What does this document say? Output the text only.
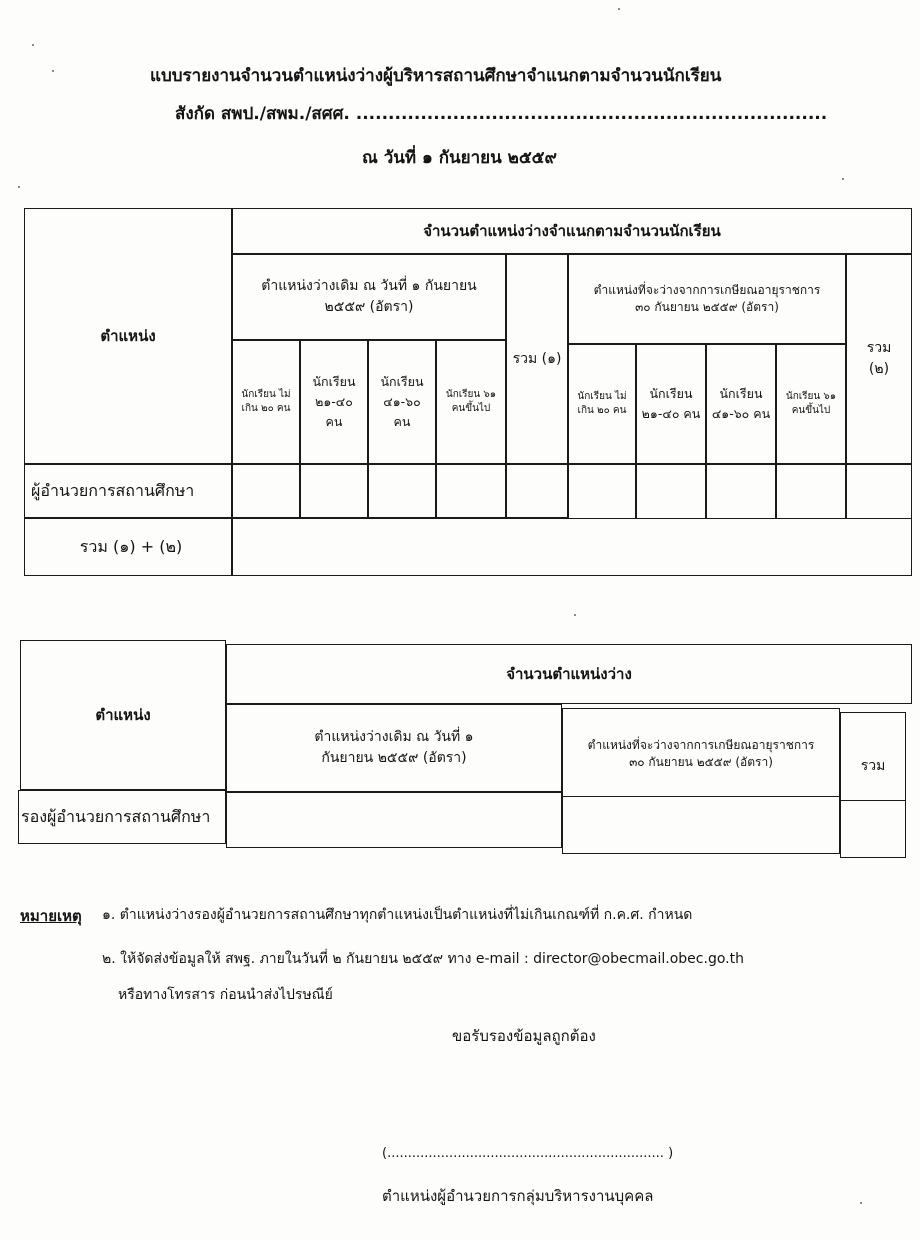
แบบรายงานจำนวนตำแหน่งว่างผู้บริหารสถานศึกษาจำแนกตามจำนวนนักเรียน
สังกัด สพป./สพม./สศศ. .........................................................................
ณ วันที่ ๑ กันยายน ๒๕๕๙
ตำแหน่ง
จำนวนตำแหน่งว่างจำแนกตามจำนวนนักเรียน
ตำแหน่งว่างเดิม ณ วันที่ ๑ กันยายน ๒๕๕๙ (อัตรา)
รวม (๑)
ตำแหน่งที่จะว่างจากการเกษียณอายุราชการ ๓๐ กันยายน ๒๕๕๙ (อัตรา)
รวม (๒)
นักเรียน ไม่เกิน ๒๐ คน
นักเรียน ๒๑-๔๐ คน
นักเรียน ๔๑-๖๐ คน
นักเรียน ๖๑ คนขึ้นไป
นักเรียน ไม่เกิน ๒๐ คน
นักเรียน ๒๑-๔๐ คน
นักเรียน ๔๑-๖๐ คน
นักเรียน ๖๑ คนขึ้นไป
ผู้อำนวยการสถานศึกษา
รวม (๑) + (๒)
ตำแหน่ง
จำนวนตำแหน่งว่าง
ตำแหน่งว่างเดิม ณ วันที่ ๑ กันยายน ๒๕๕๙ (อัตรา)
ตำแหน่งที่จะว่างจากการเกษียณอายุราชการ ๓๐ กันยายน ๒๕๕๙ (อัตรา)	รวม
รองผู้อำนวยการสถานศึกษา
หมายเหตุ ๑. ตำแหน่งว่างรองผู้อำนวยการสถานศึกษาทุกตำแหน่งเป็นตำแหน่งที่ไม่เกินเกณฑ์ที่ ก.ค.ศ. กำหนด
๒. ให้จัดส่งข้อมูลให้ สพฐ. ภายในวันที่ ๒ กันยายน ๒๕๕๙ ทาง e-mail : director@obecmail.obec.go.th
หรือทางโทรสาร ก่อนนำส่งไปรษณีย์
ขอรับรองข้อมูลถูกต้อง
(................................................................... )
ตำแหน่งผู้อำนวยการกลุ่มบริหารงานบุคคล
